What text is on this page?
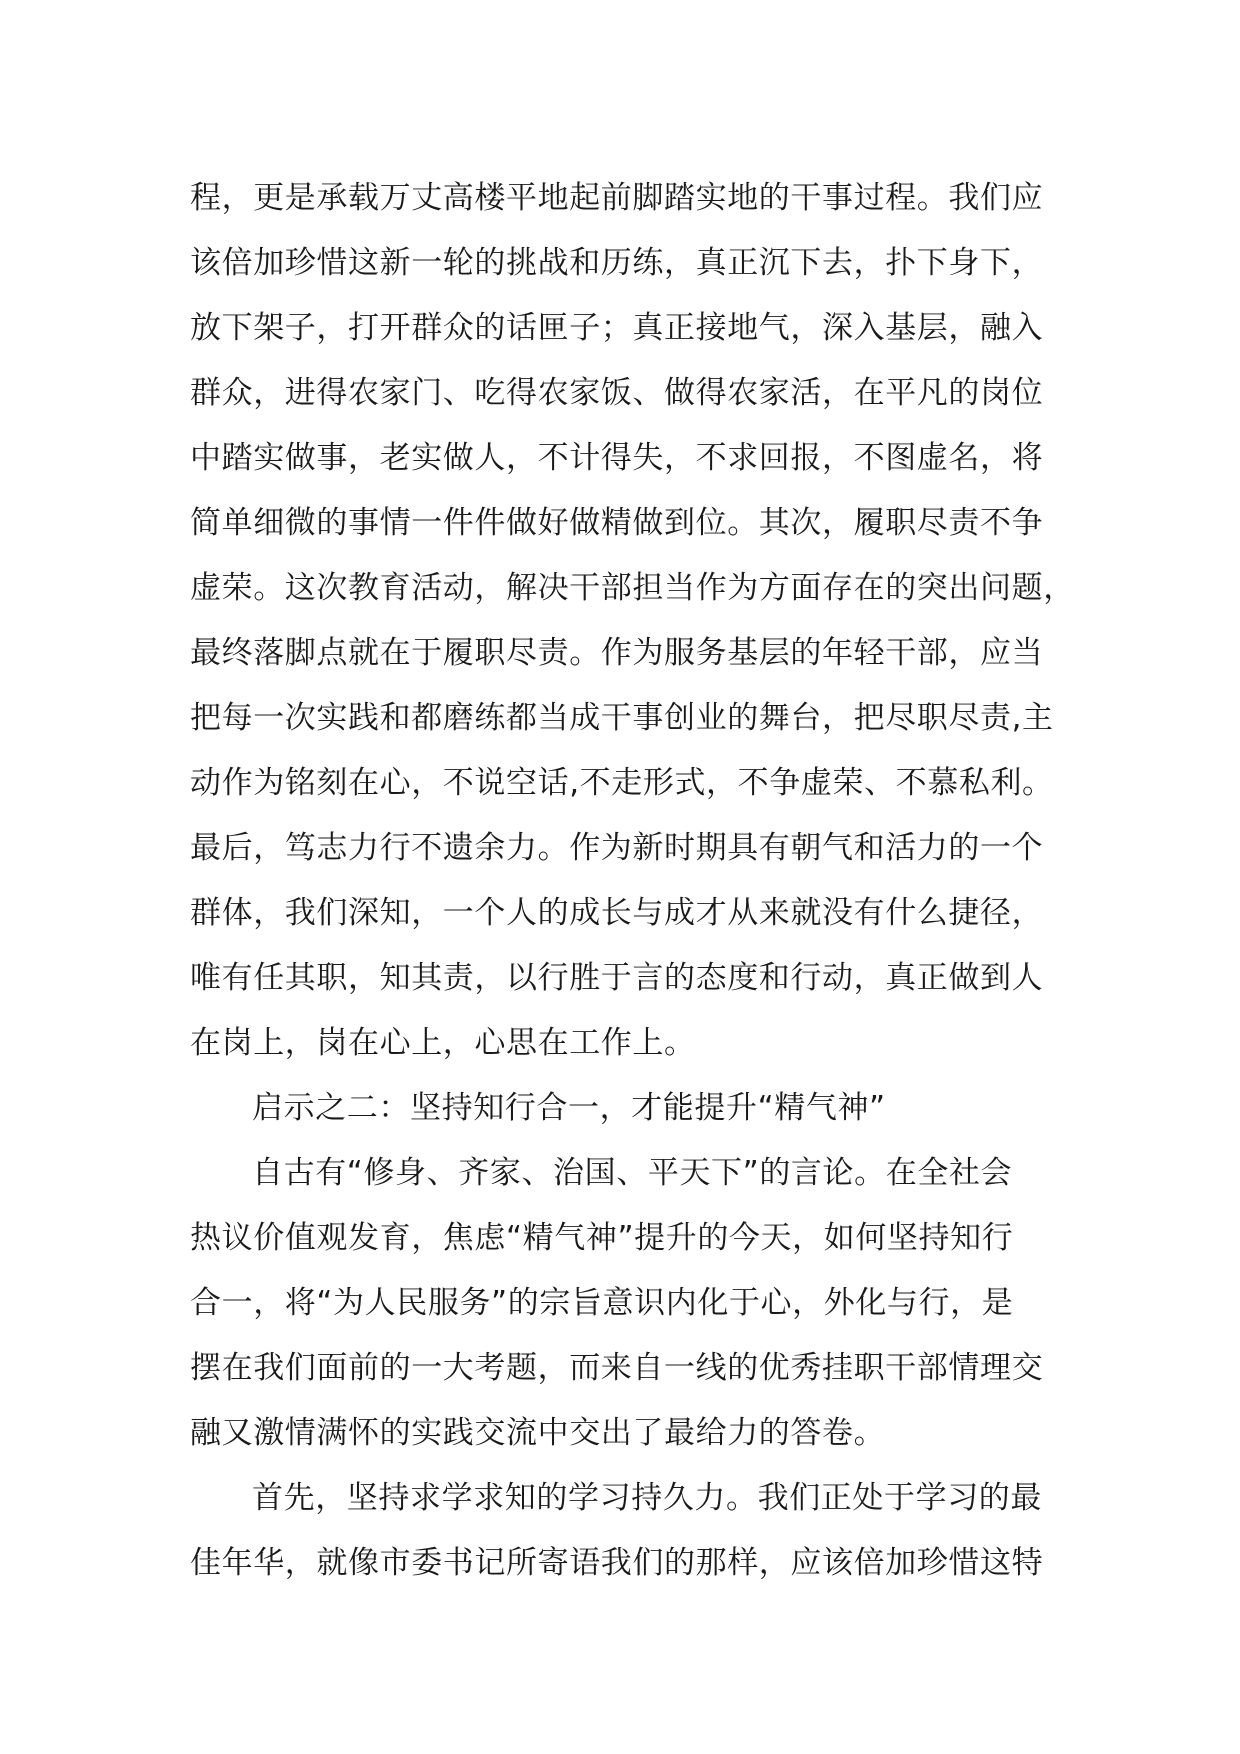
程，更是承载万丈高楼平地起前脚踏实地的干事过程。我们应
该倍加珍惜这新一轮的挑战和历练，真正沉下去，扑下身下，
放下架子，打开群众的话匣子；真正接地气，深入基层，融入
群众，进得农家门、吃得农家饭、做得农家活，在平凡的岗位
中踏实做事，老实做人，不计得失，不求回报，不图虚名，将
简单细微的事情一件件做好做精做到位。其次，履职尽责不争
虚荣。这次教育活动，解决干部担当作为方面存在的突出问题，
最终落脚点就在于履职尽责。作为服务基层的年轻干部，应当
把每一次实践和都磨练都当成干事创业的舞台，把尽职尽责,主
动作为铭刻在心，不说空话,不走形式，不争虚荣、不慕私利。
最后，笃志力行不遗余力。作为新时期具有朝气和活力的一个
群体，我们深知，一个人的成长与成才从来就没有什么捷径，
唯有任其职，知其责，以行胜于言的态度和行动，真正做到人
在岗上，岗在心上，心思在工作上。
启示之二：坚持知行合一，才能提升“精气神”
自古有“修身、齐家、治国、平天下”的言论。在全社会
热议价值观发育，焦虑“精气神”提升的今天，如何坚持知行
合一，将“为人民服务”的宗旨意识内化于心，外化与行，是
摆在我们面前的一大考题，而来自一线的优秀挂职干部情理交
融又激情满怀的实践交流中交出了最给力的答卷。
首先，坚持求学求知的学习持久力。我们正处于学习的最
佳年华，就像市委书记所寄语我们的那样，应该倍加珍惜这特
